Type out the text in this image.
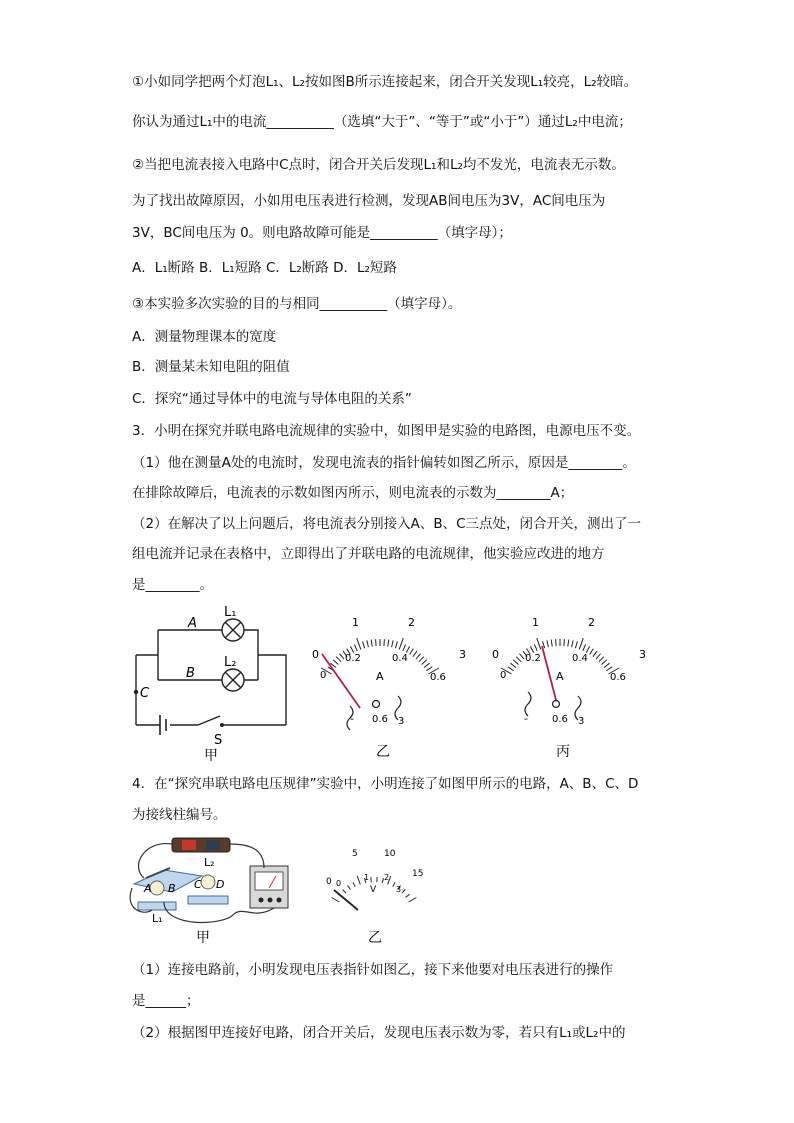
①小如同学把两个灯泡L₁、L₂按如图B所示连接起来，闭合开关发现L₁较亮，L₂较暗。
你认为通过L₁中的电流__________（选填“大于”、“等于”或“小于”）通过L₂中电流；
②当把电流表接入电路中C点时，闭合开关后发现L₁和L₂均不发光，电流表无示数。
为了找出故障原因，小如用电压表进行检测，发现AB间电压为3V，AC间电压为
3V，BC间电压为 0。则电路故障可能是__________（填字母）；
A．L₁断路 B．L₁短路 C．L₂断路 D．L₂短路
③本实验多次实验的目的与相同__________（填字母）。
A．测量物理课本的宽度
B．测量某未知电阻的阻值
C．探究“通过导体中的电流与导体电阻的关系”
3．小明在探究并联电路电流规律的实验中，如图甲是实验的电路图，电源电压不变。
（1）他在测量A处的电流时，发现电流表的指针偏转如图乙所示，原因是________。
在排除故障后，电流表的示数如图丙所示，则电流表的示数为________A；
（2）在解决了以上问题后，将电流表分别接入A、B、C三点处，闭合开关，测出了一
组电流并记录在表格中，立即得出了并联电路的电流规律，他实验应改进的地方
是________。
4．在“探究串联电路电压规律”实验中，小明连接了如图甲所示的电路，A、B、C、D
为接线柱编号。
（1）连接电路前，小明发现电压表指针如图乙，接下来他要对电压表进行的操作
是______；
（2）根据图甲连接好电路，闭合开关后，发现电压表示数为零，若只有L₁或L₂中的
L₁
L₂
A
B
C
S
甲
0
1	2
3
0.2	0.4
0	0.6
A
- 0.6 3
乙
0
1	2
3
0.2	0.4
0	0.6
A
- 0.6 3
丙
L₂
L₁
A B C D
甲
0
5	10
15
0
1 2
3
V
乙
